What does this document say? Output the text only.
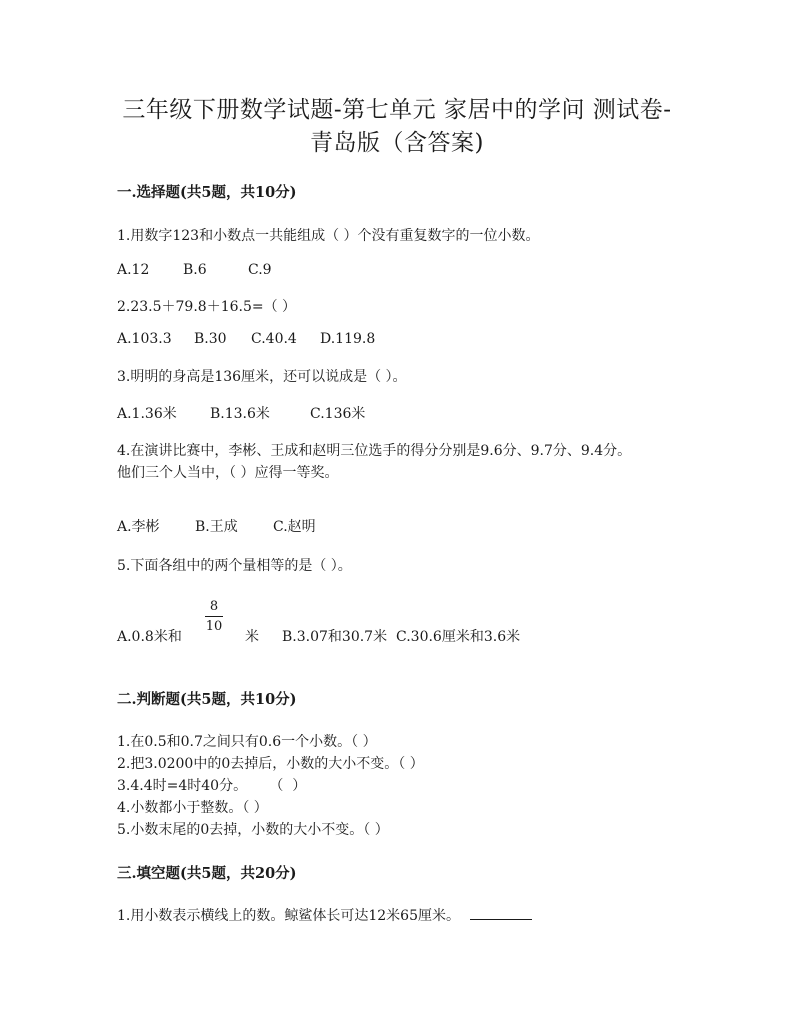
三年级下册数学试题-第七单元 家居中的学问 测试卷-
青岛版（含答案)
一.选择题(共5题，共10分)
1.用数字123和小数点一共能组成（ ）个没有重复数字的一位小数。
A.12 B.6	C.9
2.23.5＋79.8＋16.5=（ ）
A.103.3 B.30 C.40.4 D.119.8
3.明明的身高是136厘米，还可以说成是（ ）。
A.1.36米 B.13.6米	C.136米
4.在演讲比赛中，李彬、王成和赵明三位选手的得分分别是9.6分、9.7分、9.4分。
他们三个人当中，（ ）应得一等奖。
A.李彬	B.王成	C.赵明
5.下面各组中的两个量相等的是（ ）。
8
10
A.0.8米和	米 B.3.07和30.7米 C.30.6厘米和3.6米
二.判断题(共5题，共10分)
1.在0.5和0.7之间只有0.6一个小数。（ ）
2.把3.0200中的0去掉后，小数的大小不变。（ ）
3.4.4时=4时40分。     （  ）
4.小数都小于整数。（ ）
5.小数末尾的0去掉，小数的大小不变。（ ）
三.填空题(共5题，共20分)
1.用小数表示横线上的数。鲸鲨体长可达12米65厘米。
